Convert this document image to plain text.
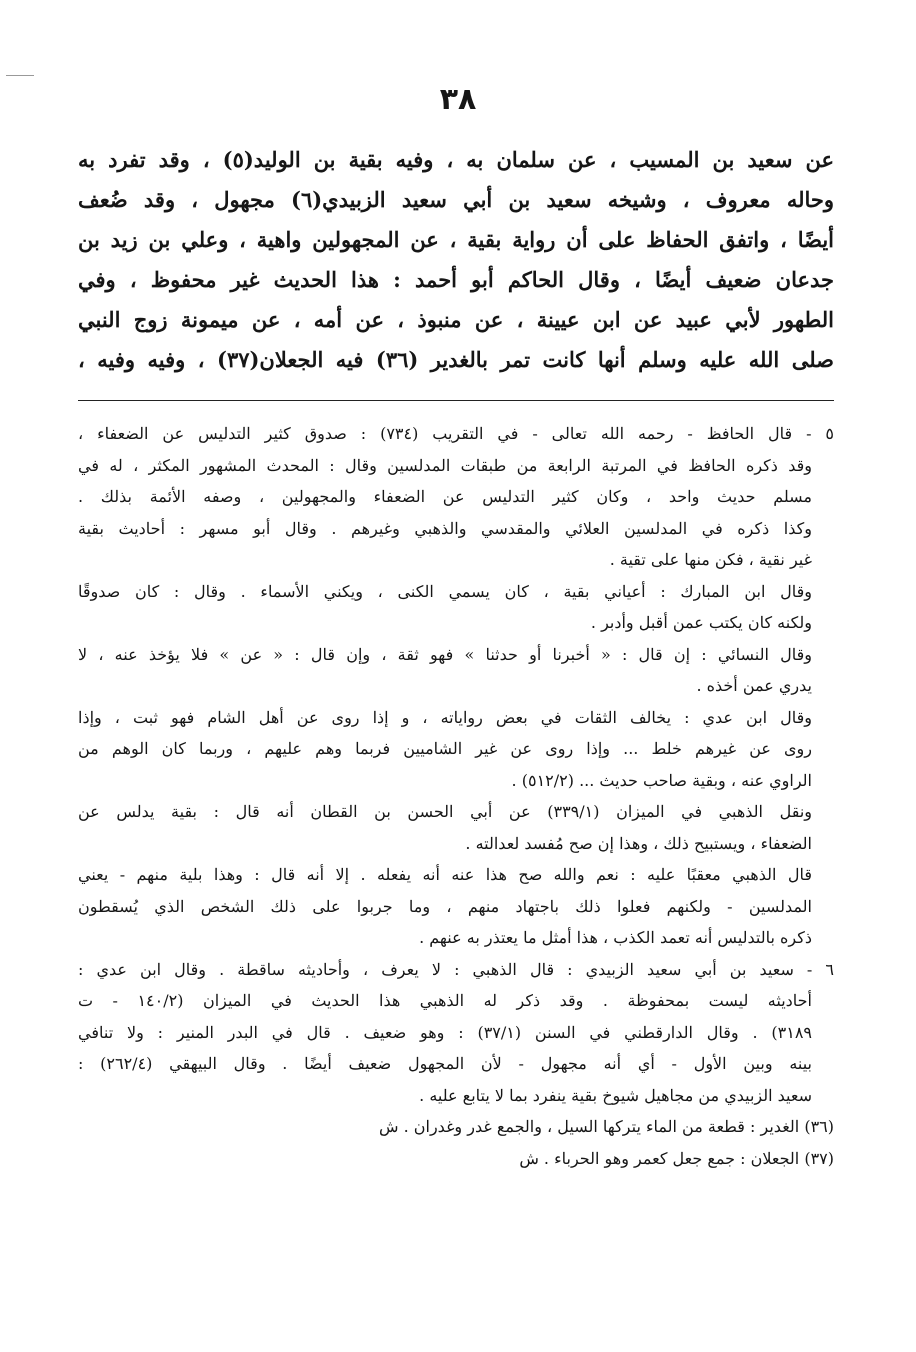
٣٨
عن سعيد بن المسيب ، عن سلمان به ، وفيه بقية بن الوليد(٥) ، وقد تفرد به
وحاله معروف ، وشيخه سعيد بن أبي سعيد الزبيدي(٦) مجهول ، وقد ضُعف
أيضًا ، واتفق الحفاظ على أن رواية بقية ، عن المجهولين واهية ، وعلي بن زيد بن
جدعان ضعيف أيضًا ، وقال الحاكم أبو أحمد : هذا الحديث غير محفوظ ، وفي
الطهور لأبي عبيد عن ابن عيينة ، عن منبوذ ، عن أمه ، عن ميمونة زوج النبي
صلى الله عليه وسلم أنها كانت تمر بالغدير (٣٦) فيه الجعلان(٣٧) ، وفيه وفيه ،
٥ - قال الحافظ - رحمه الله تعالى - في التقريب (٧٣٤) : صدوق كثير التدليس عن الضعفاء ،
وقد ذكره الحافظ في المرتبة الرابعة من طبقات المدلسين وقال : المحدث المشهور المكثر ، له في
مسلم حديث واحد ، وكان كثير التدليس عن الضعفاء والمجهولين ، وصفه الأئمة بذلك .
وكذا ذكره في المدلسين العلائي والمقدسي والذهبي وغيرهم . وقال أبو مسهر : أحاديث بقية
غير نقية ، فكن منها على تقية .
وقال ابن المبارك : أعياني بقية ، كان يسمي الكنى ، ويكني الأسماء . وقال : كان صدوقًا
ولكنه كان يكتب عمن أقبل وأدبر .
وقال النسائي : إن قال : « أخبرنا أو حدثنا » فهو ثقة ، وإن قال : « عن » فلا يؤخذ عنه ، لا
يدري عمن أخذه .
وقال ابن عدي : يخالف الثقات في بعض رواياته ، و إذا روى عن أهل الشام فهو ثبت ، وإذا
روى عن غيرهم خلط ... وإذا روى عن غير الشاميين فربما وهم عليهم ، وربما كان الوهم من
الراوي عنه ، وبقية صاحب حديث ... (٥١٢/٢) .
ونقل الذهبي في الميزان (٣٣٩/١) عن أبي الحسن بن القطان أنه قال : بقية يدلس عن
الضعفاء ، ويستبيح ذلك ، وهذا إن صح مُفسد لعدالته .
قال الذهبي معقبًا عليه : نعم والله صح هذا عنه أنه يفعله . إلا أنه قال : وهذا بلية منهم - يعني
المدلسين - ولكنهم فعلوا ذلك باجتهاد منهم ، وما جربوا على ذلك الشخص الذي يُسقطون
ذكره بالتدليس أنه تعمد الكذب ، هذا أمثل ما يعتذر به عنهم .
٦ - سعيد بن أبي سعيد الزبيدي : قال الذهبي : لا يعرف ، وأحاديثه ساقطة . وقال ابن عدي :
أحاديثه ليست بمحفوظة . وقد ذكر له الذهبي هذا الحديث في الميزان (١٤٠/٢ - ت
٣١٨٩) . وقال الدارقطني في السنن (٣٧/١) : وهو ضعيف . قال في البدر المنير : ولا تنافي
بينه وبين الأول - أي أنه مجهول - لأن المجهول ضعيف أيضًا . وقال البيهقي (٢٦٢/٤) :
سعيد الزبيدي من مجاهيل شيوخ بقية ينفرد بما لا يتابع عليه .
(٣٦) الغدير : قطعة من الماء يتركها السيل ، والجمع غدر وغدران . ش
(٣٧) الجعلان : جمع جعل كعمر وهو الحرباء . ش
